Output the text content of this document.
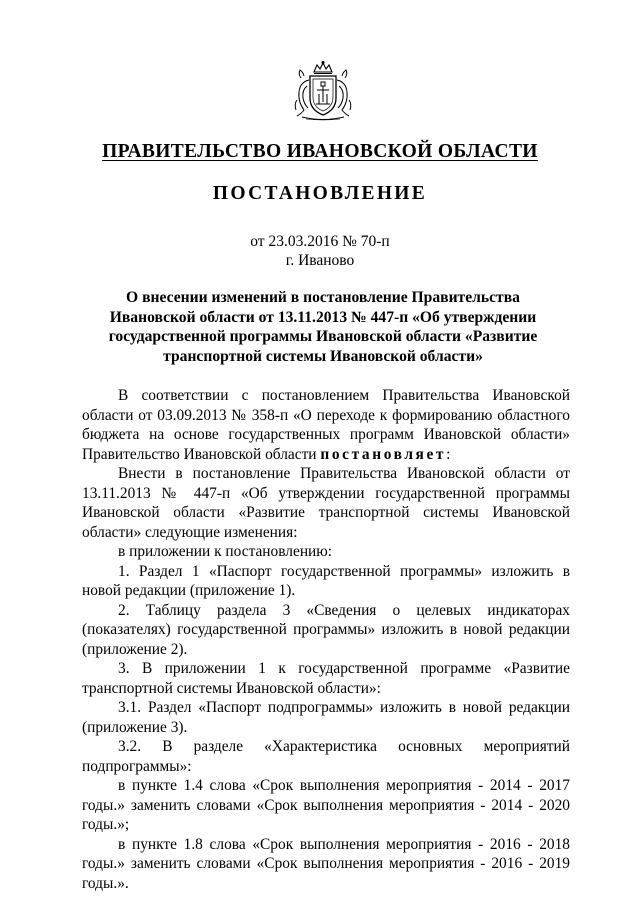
ПРАВИТЕЛЬСТВО ИВАНОВСКОЙ ОБЛАСТИ
ПОСТАНОВЛЕНИЕ
от 23.03.2016 № 70-п
г. Иваново
О внесении изменений в постановление Правительства
Ивановской области от 13.11.2013 № 447-п «Об утверждении
государственной программы Ивановской области «Развитие
транспортной системы Ивановской области»

В соответствии с постановлением Правительства Ивановской области от 03.09.2013 № 358-п «О переходе к формированию областного бюджета на основе государственных программ Ивановской области» Правительство Ивановской области постановляет:

Внести в постановление Правительства Ивановской области от 13.11.2013 № 447-п «Об утверждении государственной программы Ивановской области «Развитие транспортной системы Ивановской области» следующие изменения:

в приложении к постановлению:

1. Раздел 1 «Паспорт государственной программы» изложить в новой редакции (приложение 1).

2. Таблицу раздела 3 «Сведения о целевых индикаторах (показателях) государственной программы» изложить в новой редакции (приложение 2).

3. В приложении 1 к государственной программе «Развитие транспортной системы Ивановской области»:

3.1. Раздел «Паспорт подпрограммы» изложить в новой редакции (приложение 3).

3.2. В разделе «Характеристика основных мероприятий подпрограммы»:

в пункте 1.4 слова «Срок выполнения мероприятия - 2014 - 2017 годы.» заменить словами «Срок выполнения мероприятия - 2014 - 2020 годы.»;

в пункте 1.8 слова «Срок выполнения мероприятия - 2016 - 2018 годы.» заменить словами «Срок выполнения мероприятия - 2016 - 2019 годы.».
